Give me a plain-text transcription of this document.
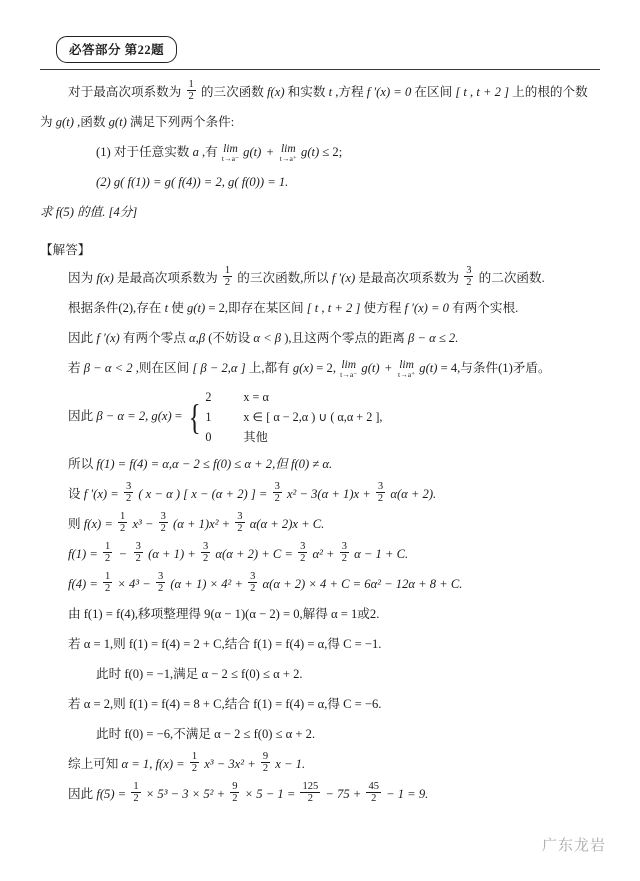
必答部分 第22题
对于最高次项系数为 $\frac{1}{2}$ 的三次函数 f(x) 和实数 t ,方程 f ′(x) = 0 在区间 [ t , t + 2 ] 上的根的个数
为 g(t) ,函数 g(t) 满足下列两个条件:
(1) 对于任意实数 a ,有 lim
t→a⁻ g(t) + lim
t→a⁺ g(t) ≤ 2;
(2) g( f(1)) = g( f(4)) = 2, g( f(0)) = 1.
求 f(5) 的值. [4分]
【解答】
因为 f(x) 是最高次项系数为 $\frac{1}{2}$ 的三次函数,所以 f ′(x) 是最高次项系数为 $\frac{3}{2}$ 的二次函数.
根据条件(2),存在 t 使 g(t) = 2,即存在某区间 [ t , t + 2 ] 使方程 f ′(x) = 0 有两个实根.
因此 f ′(x) 有两个零点 α,β (不妨设 α < β ),且这两个零点的距离 β − α ≤ 2.
若 β − α < 2 ,则在区间 [ β − 2,α ] 上,都有 g(x) = 2, lim
t→a⁻ g(t) + lim
t→a⁺ g(t) = 4,与条件(1)矛盾。
因此 β − α = 2, g(x) = { 2	x = α
1	x ∈ [ α − 2,α ) ∪ ( α,α + 2 ],
0	其他
所以 f(1) = f(4) = α,α − 2 ≤ f(0) ≤ α + 2,但 f(0) ≠ α.
设 f $'(x) = \frac{3}{2}$ ( x − α ) [ x − (α + 2) ] = $\frac{3}{2} x^2 - 3(\alpha + 1)x + \frac{3}{2} \alpha(\alpha + 2)$.
则 $f(x) = \frac{1}{2} x^3 - \frac{3}{2} (\alpha + 1)x^2 + \frac{3}{2} \alpha(\alpha + 2)x + C$.
$f(1) = \frac{1}{2} - \frac{3}{2} (\alpha + 1) + \frac{3}{2} \alpha(\alpha + 2) + C = \frac{3}{2} \alpha^2 + \frac{3}{2}$ α − 1 + C.
$f(4) = \frac{1}{2} \times 4^3 - \frac{3}{2} (\alpha + 1) \times 4^2 + \frac{3}{2} \alpha(\alpha + 2) \times 4 + C = 6\alpha^2 - 12\alpha + 8 + C$.
由 f(1) = f(4),移项整理得 9(α − 1)(α − 2) = 0,解得 α = 1或2.
若 α = 1,则 f(1) = f(4) = 2 + C,结合 f(1) = f(4) = α,得 C = −1.
此时 f(0) = −1,满足 α − 2 ≤ f(0) ≤ α + 2.
若 α = 2,则 f(1) = f(4) = 8 + C,结合 f(1) = f(4) = α,得 C = −6.
此时 f(0) = −6,不满足 α − 2 ≤ f(0) ≤ α + 2.
综上可知 α = 1, $f(x) = \frac{1}{2} x^3 - 3x^2 + \frac{9}{2}$ x − 1.
因此 $f(5) = \frac{1}{2} \times 5^3 - 3 \times 5^2 + \frac{9}{2} \times 5 - 1 = \frac{125}{2} - 75 + \frac{45}{2} - 1 = 9$.
广东龙岩
